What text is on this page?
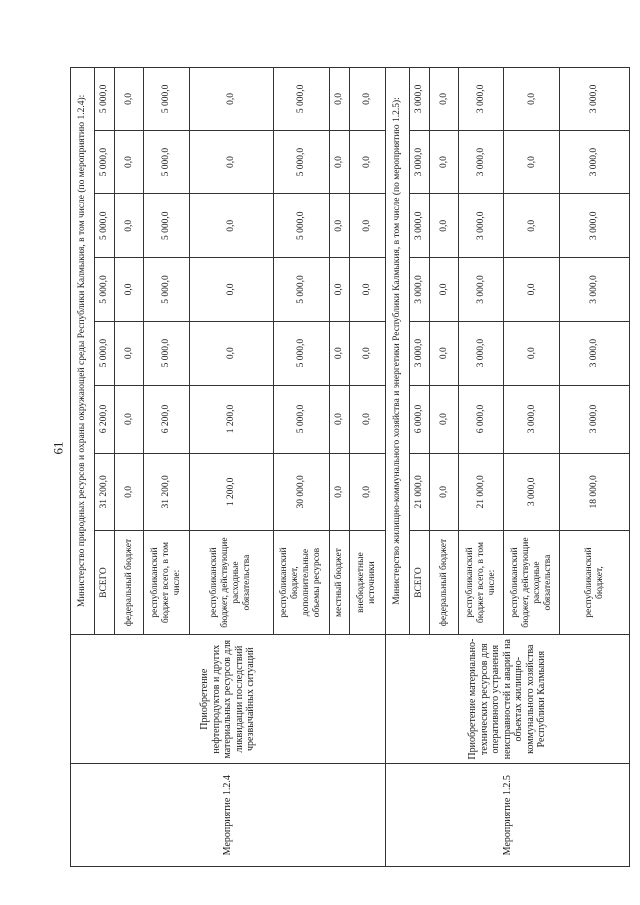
61
Мероприятие 1.2.4	Приобретение нефтепродуктов и других материальных ресурсов для ликвидации последствий чрезвычайных ситуаций	Министерство природных ресурсов и охраны окружающей среды Республики Калмыкия, в том числе (по мероприятию 1.2.4):							
		ВСЕГО	31 200,0	6 200,0	5 000,0	5 000,0	5 000,0	5 000,0	5 000,0
		федеральный бюджет	0,0	0,0	0,0	0,0	0,0	0,0	0,0
		республиканский бюджет всего, в том числе:	31 200,0	6 200,0	5 000,0	5 000,0	5 000,0	5 000,0	5 000,0
		республиканский бюджет, действующие расходные обязательства	1 200,0	1 200,0	0,0	0,0	0,0	0,0	0,0
		республиканский бюджет, дополнительные объемы ресурсов	30 000,0	5 000,0	5 000,0	5 000,0	5 000,0	5 000,0	5 000,0
		местный бюджет	0,0	0,0	0,0	0,0	0,0	0,0	0,0
		внебюджетные источники	0,0	0,0	0,0	0,0	0,0	0,0	0,0
Мероприятие 1.2.5	Приобретение материально-технических ресурсов для оперативного устранения неисправностей и аварий на объектах жилищно-коммунального хозяйства Республики Калмыкия	Министерство жилищно-коммунального хозяйства и энергетики Республики Калмыкия, в том числе (по мероприятию 1.2.5):							
		ВСЕГО	21 000,0	6 000,0	3 000,0	3 000,0	3 000,0	3 000,0	3 000,0
		федеральный бюджет	0,0	0,0	0,0	0,0	0,0	0,0	0,0
		республиканский бюджет всего, в том числе:	21 000,0	6 000,0	3 000,0	3 000,0	3 000,0	3 000,0	3 000,0
		республиканский бюджет, действующие расходные обязательства	3 000,0	3 000,0	0,0	0,0	0,0	0,0	0,0
		республиканский бюджет,	18 000,0	3 000,0	3 000,0	3 000,0	3 000,0	3 000,0	3 000,0
